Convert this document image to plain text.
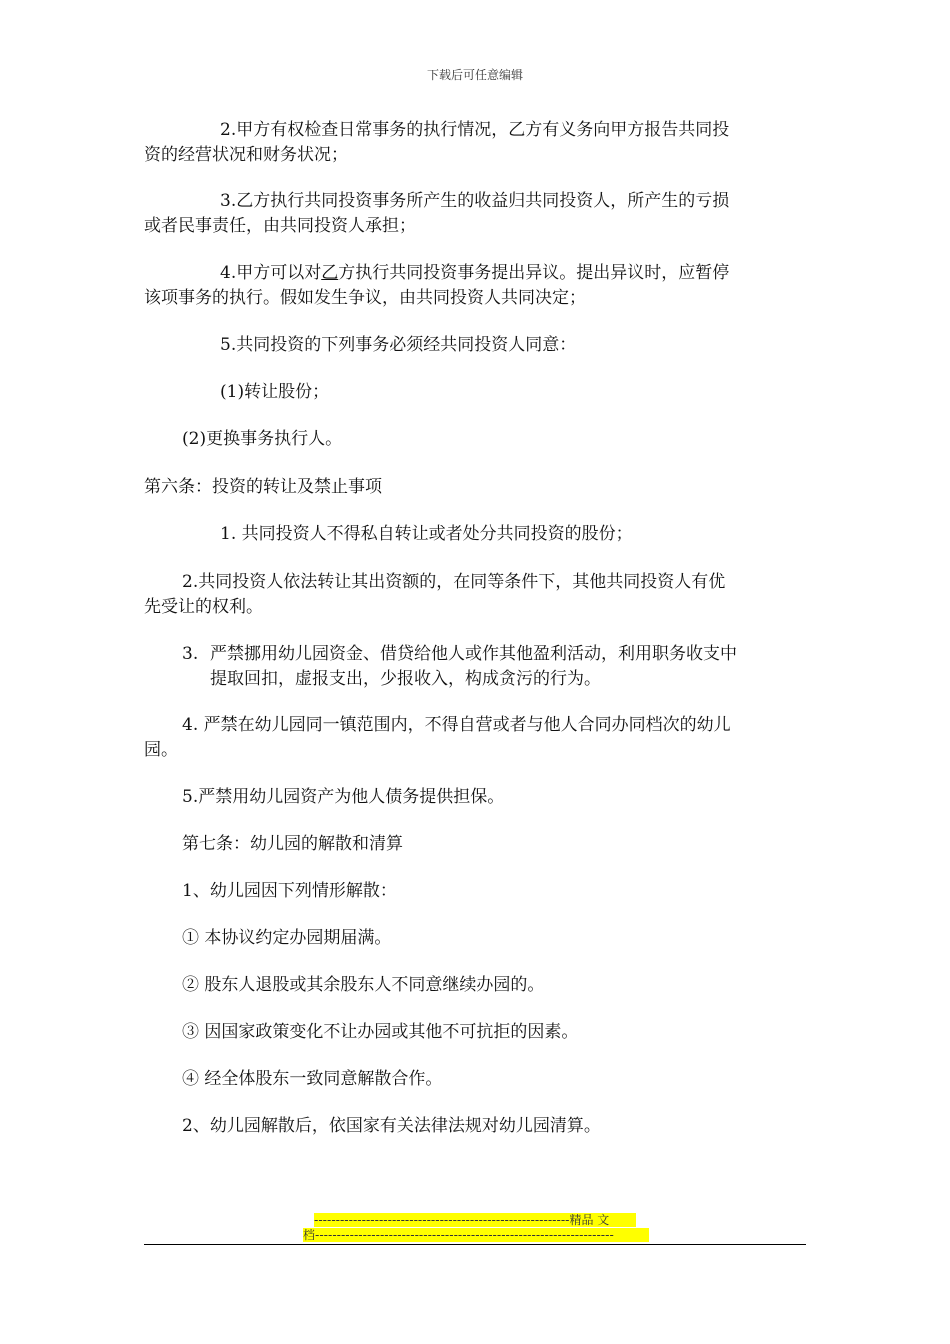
下载后可任意编辑
2.甲方有权检查日常事务的执行情况，乙方有义务向甲方报告共同投
资的经营状况和财务状况；
3.乙方执行共同投资事务所产生的收益归共同投资人，所产生的亏损
或者民事责任，由共同投资人承担；
4.甲方可以对乙方执行共同投资事务提出异议。提出异议时，应暂停
该项事务的执行。假如发生争议，由共同投资人共同决定；
5.共同投资的下列事务必须经共同投资人同意：
(1)转让股份；
(2)更换事务执行人。
第六条：投资的转让及禁止事项
1. 共同投资人不得私自转让或者处分共同投资的股份；
2.共同投资人依法转让其出资额的，在同等条件下，其他共同投资人有优
先受让的权利。
3. 严禁挪用幼儿园资金、借贷给他人或作其他盈利活动，利用职务收支中
提取回扣，虚报支出，少报收入，构成贪污的行为。
4. 严禁在幼儿园同一镇范围内，不得自营或者与他人合同办同档次的幼儿
园。
5.严禁用幼儿园资产为他人债务提供担保。
第七条：幼儿园的解散和清算
1、幼儿园因下列情形解散：
① 本协议约定办园期届满。
② 股东人退股或其余股东人不同意继续办园的。
③ 因国家政策变化不让办园或其他不可抗拒的因素。
④ 经全体股东一致同意解散合作。
2、幼儿园解散后，依国家有关法律法规对幼儿园清算。
-----------------------------------------------------------精品 文
档---------------------------------------------------------------------
